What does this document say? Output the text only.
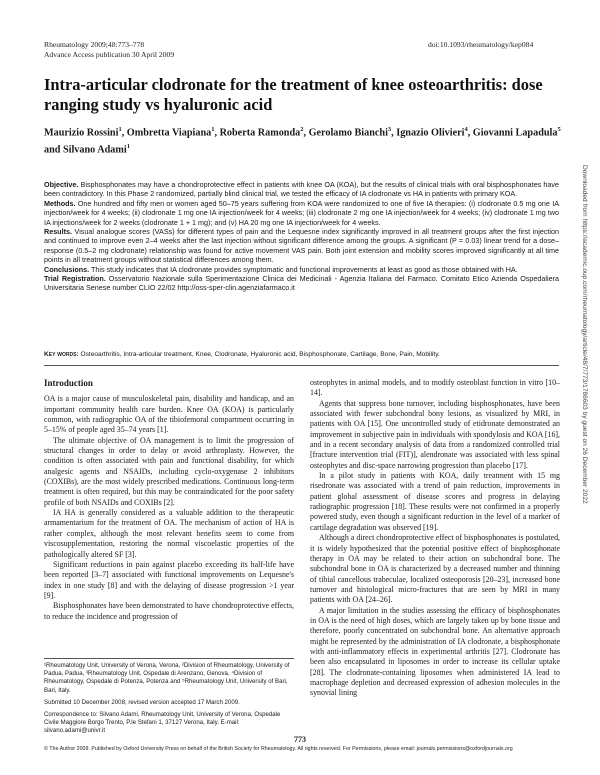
Rheumatology 2009;48:773–778
Advance Access publication 30 April 2009
doi:10.1093/rheumatology/kep084
Intra-articular clodronate for the treatment of knee osteoarthritis: dose ranging study vs hyaluronic acid
Maurizio Rossini$^1$, Ombretta Viapiana$^1$, Roberta Ramonda$^2$, Gerolamo Bianchi$^3$, Ignazio Olivieri$^4$, Giovanni Lapadula$^5$ and Silvano Adami$^1$

Objective. Bisphosphonates may have a chondroprotective effect in patients with knee OA (KOA), but the results of clinical trials with oral bisphosphonates have been contradictory. In this Phase 2 randomized, partially blind clinical trial, we tested the efficacy of IA clodronate vs HA in patients with primary KOA.

Methods. One hundred and fifty men or women aged 50–75 years suffering from KOA were randomized to one of five IA therapies: (i) clodronate 0.5 mg one IA injection/week for 4 weeks; (ii) clodronate 1 mg one IA injection/week for 4 weeks; (iii) clodronate 2 mg one IA injection/week for 4 weeks; (iv) clodronate 1 mg two IA injections/week for 2 weeks (clodronate 1 + 1 mg); and (v) HA 20 mg one IA injection/week for 4 weeks.

Results. Visual analogue scores (VASs) for different types of pain and the Lequesne index significantly improved in all treatment groups after the first injection and continued to improve even 2–4 weeks after the last injection without significant difference among the groups. A significant (P = 0.03) linear trend for a dose–response (0.5–2 mg clodronate) relationship was found for active movement VAS pain. Both joint extension and mobility scores improved significantly at all time points in all treatment groups without statistical differences among them.

Conclusions. This study indicates that IA clodronate provides symptomatic and functional improvements at least as good as those obtained with HA.

Trial Registration. Osservatorio Nazionale sulla Sperimentazione Clinica dei Medicinali - Agenzia Italiana del Farmaco. Comitato Etico Azienda Ospedaliera Universitaria Senese number CLIO 22/02 http://oss-sper-clin.agenziafarmaco.it

Key words: Osteoarthritis, Intra-articular treatment, Knee, Clodronate, Hyaluronic acid, Bisphosphonate, Cartilage, Bone, Pain, Mobility.
Introduction

OA is a major cause of musculoskeletal pain, disability and handicap, and an important community health care burden. Knee OA (KOA) is particularly common, with radiographic OA of the tibiofemoral compartment occurring in 5–15% of people aged 35–74 years [1].

The ultimate objective of OA management is to limit the progression of structural changes in order to delay or avoid arthroplasty. However, the condition is often associated with pain and functional disability, for which analgesic agents and NSAIDs, including cyclo-oxygenase 2 inhibitors (COXIBs), are the most widely prescribed medications. Continuous long-term treatment is often required, but this may be contraindicated for the poor safety profile of both NSAIDs and COXIBs [2].

IA HA is generally considered as a valuable addition to the therapeutic armamentarium for the treatment of OA. The mechanism of action of HA is rather complex, although the most relevant benefits seem to come from viscosupplementation, restoring the normal viscoelastic properties of the pathologically altered SF [3].

Significant reductions in pain against placebo exceeding its half-life have been reported [3–7] associated with functional improvements on Lequesne's index in one study [8] and with the delaying of disease progression >1 year [9].

Bisphosphonates have been demonstrated to have chondroprotective effects, to reduce the incidence and progression of

¹Rheumatology Unit, University of Verona, Verona, ²Division of Rheumatology, University of Padua, Padua, ³Rheumatology Unit, Ospedale di Arenzano, Genova, ⁴Division of Rheumatology, Ospedale di Potenza, Potenza and ⁵Rheumatology Unit, University of Bari, Bari, Italy.

Submitted 10 December 2008; revised version accepted 17 March 2009.

Correspondence to: Silvano Adami, Rheumatology Unit, University of Verona, Ospedale Civile Maggiore Borgo Trento, P.le Stefani 1, 37127 Verona, Italy. E-mail: silvano.adami@univr.it

osteophytes in animal models, and to modify osteoblast function in vitro [10–14].

Agents that suppress bone turnover, including bisphosphonates, have been associated with fewer subchondral bony lesions, as visualized by MRI, in patients with OA [15]. One uncontrolled study of etidronate demonstrated an improvement in subjective pain in individuals with spondylosis and KOA [16], and in a recent secondary analysis of data from a randomized controlled trial [fracture intervention trial (FIT)], alendronate was associated with less spinal osteophytes and disc-space narrowing progression than placebo [17].

In a pilot study in patients with KOA, daily treatment with 15 mg risedronate was associated with a trend of pain reduction, improvements in patient global assessment of disease scores and progress in delaying radiographic progression [18]. These results were not confirmed in a properly powered study, even though a significant reduction in the level of a marker of cartilage degradation was observed [19].

Although a direct chondroprotective effect of bisphosphonates is postulated, it is widely hypothesized that the potential positive effect of bisphosphonate therapy in OA may be related to their action on subchondral bone. The subchondral bone in OA is characterized by a decreased number and thinning of tibial cancellous trabeculae, localized osteoporosis [20–23], increased bone turnover and histological micro-fractures that are seen by MRI in many patients with OA [24–26].

A major limitation in the studies assessing the efficacy of bisphosphonates in OA is the need of high doses, which are largely taken up by bone tissue and therefore, poorly concentrated on subchondral bone. An alternative approach might be represented by the administration of IA clodronate, a bisphosphonate with anti-inflammatory effects in experimental arthritis [27]. Clodronate has been also encapsulated in liposomes in order to increase its cellular uptake [28]. The clodronate-containing liposomes when administered IA lead to macrophage depletion and decreased expression of adhesion molecules in the synovial lining

773
© The Author 2009. Published by Oxford University Press on behalf of the British Society for Rheumatology. All rights reserved. For Permissions, please email: journals.permissions@oxfordjournals.org
Downloaded from https://academic.oup.com/rheumatology/article/48/7/773/1786603 by guest on 26 December 2022
